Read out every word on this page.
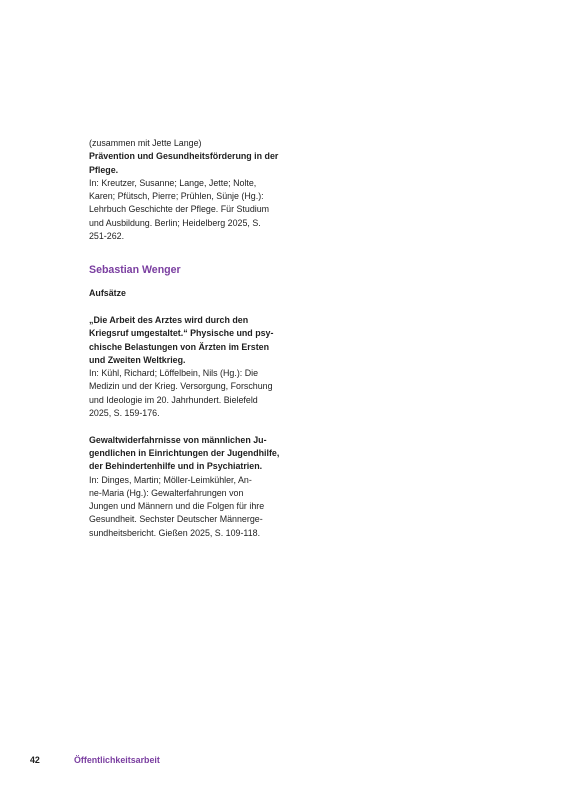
(zusammen mit Jette Lange)
Prävention und Gesundheitsförderung in der
Pflege.
In: Kreutzer, Susanne; Lange, Jette; Nolte,
Karen; Pfütsch, Pierre; Prühlen, Sünje (Hg.):
Lehrbuch Geschichte der Pflege. Für Studium
und Ausbildung. Berlin; Heidelberg 2025, S.
251-262.
Sebastian Wenger
Aufsätze
„Die Arbeit des Arztes wird durch den
Kriegsruf umgestaltet.“ Physische und psy-
chische Belastungen von Ärzten im Ersten
und Zweiten Weltkrieg.
In: Kühl, Richard; Löffelbein, Nils (Hg.): Die
Medizin und der Krieg. Versorgung, Forschung
und Ideologie im 20. Jahrhundert. Bielefeld
2025, S. 159-176.
Gewaltwiderfahrnisse von männlichen Ju-
gendlichen in Einrichtungen der Jugendhilfe,
der Behindertenhilfe und in Psychiatrien.
In: Dinges, Martin; Möller-Leimkühler, An-
ne-Maria (Hg.): Gewalterfahrungen von
Jungen und Männern und die Folgen für ihre
Gesundheit. Sechster Deutscher Männerge-
sundheitsbericht. Gießen 2025, S. 109-118.
42	Öffentlichkeitsarbeit
